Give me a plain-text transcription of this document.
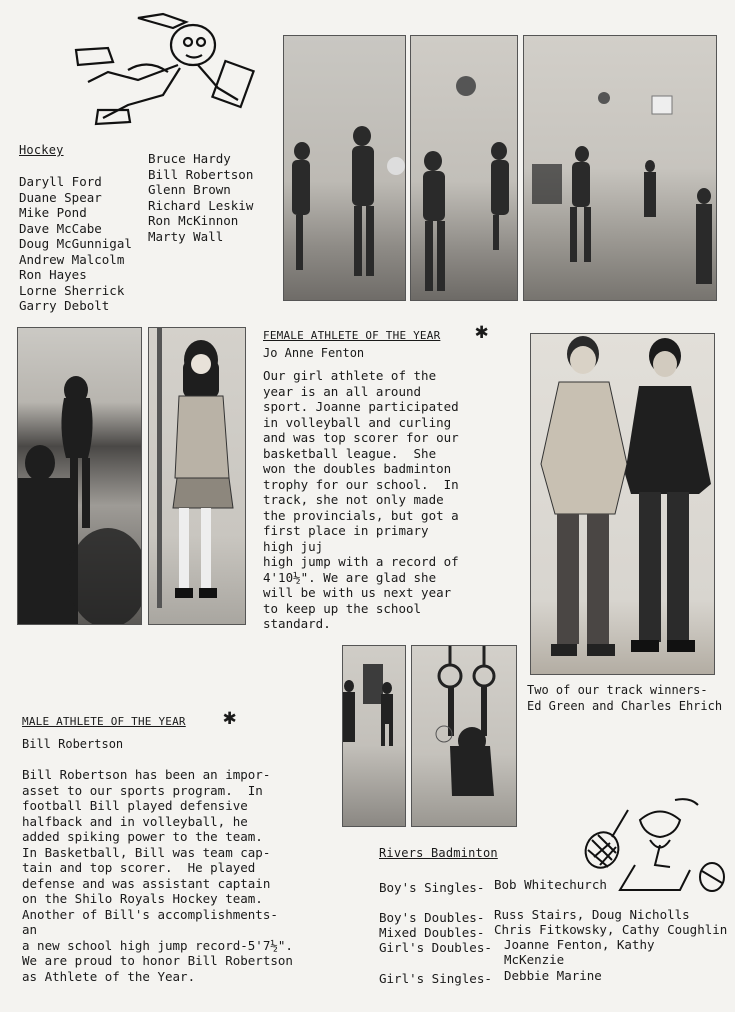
Hockey
Daryll Ford
Duane Spear
Mike Pond
Dave McCabe
Doug McGunnigal
Andrew Malcolm
Ron Hayes
Lorne Sherrick
Garry Debolt
Bruce Hardy
Bill Robertson
Glenn Brown
Richard Leskiw
Ron McKinnon
Marty Wall
FEMALE ATHLETE OF THE YEAR ✱
Jo Anne Fenton
Our girl athlete of the
year is an all around
sport. Joanne participated
in volleyball and curling
and was top scorer for our
basketball league.  She
won the doubles badminton
trophy for our school.  In
track, she not only made
the provincials, but got a
first place in primary
high juj
high jump with a record of
4'10½". We are glad she
will be with us next year
to keep up the school
standard.
Two of our track winners-
Ed Green and Charles Ehrich
MALE ATHLETE OF THE YEAR ✱
Bill Robertson
Bill Robertson has been an impor-
asset to our sports program.  In
football Bill played defensive
halfback and in volleyball, he
added spiking power to the team.
In Basketball, Bill was team cap-
tain and top scorer.  He played
defense and was assistant captain
on the Shilo Royals Hockey team.
Another of Bill's accomplishments-
an
a new school high jump record-5'7½".
We are proud to honor Bill Robertson
as Athlete of the Year.
Rivers Badminton
Boy's Singles- Bob Whitechurch
Boy's Doubles- Russ Stairs, Doug Nicholls
Mixed Doubles- Chris Fitkowsky, Cathy Coughlin
Girl's Doubles- Joanne Fenton, Kathy
McKenzie
Girl's Singles- Debbie Marine
